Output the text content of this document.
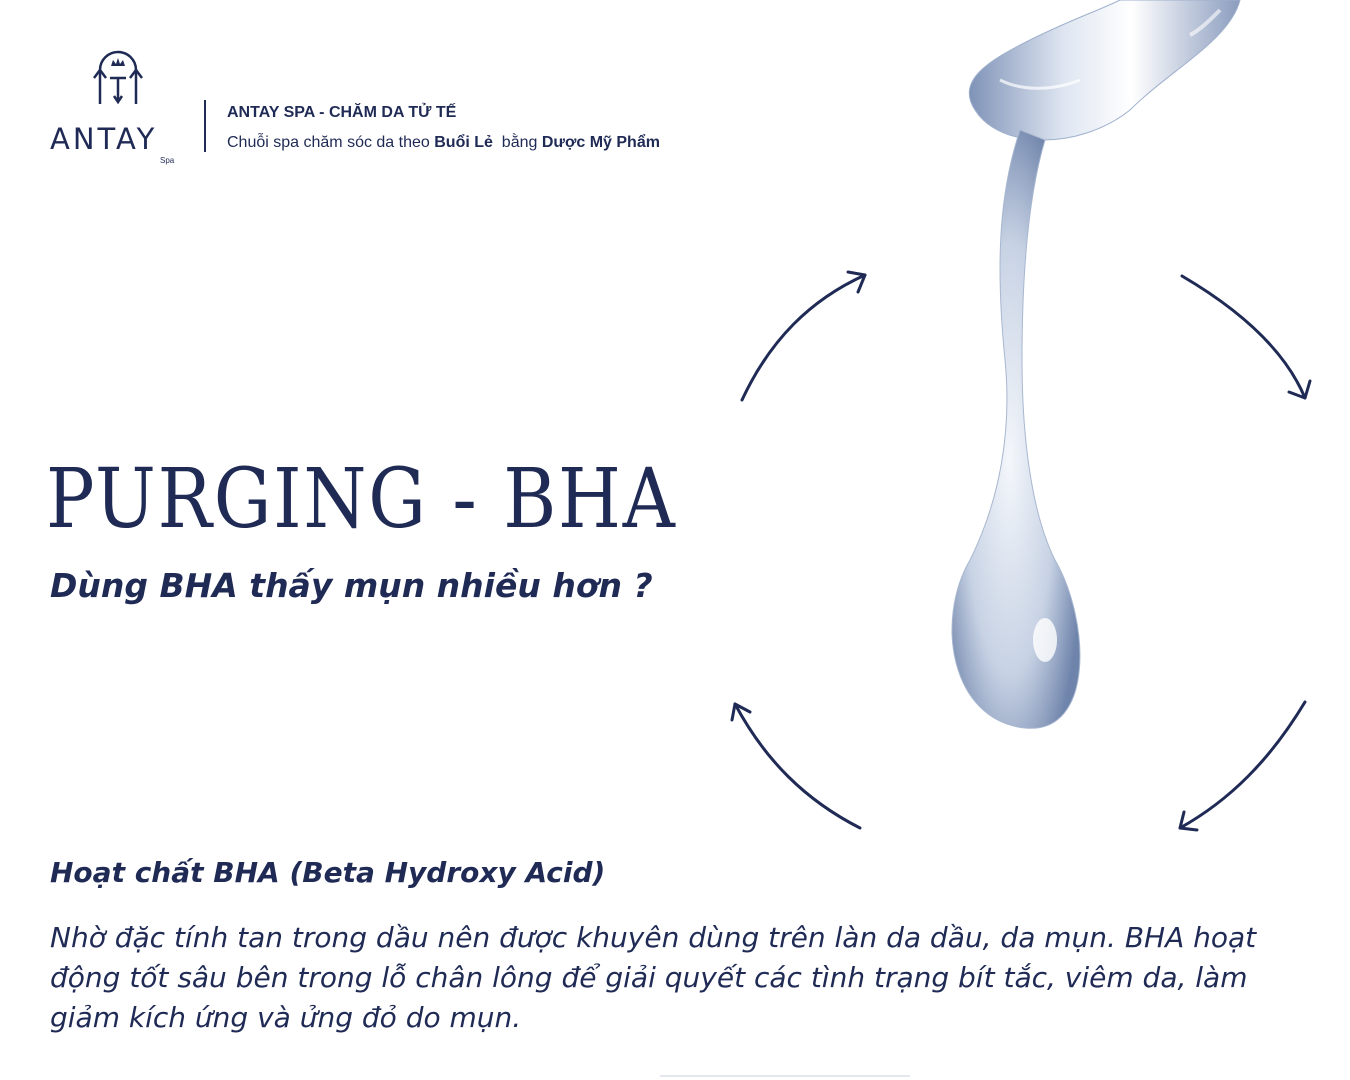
ANTAY
Spa
ANTAY SPA - CHĂM DA TỬ TẾ
Chuỗi spa chăm sóc da theo Buổi Lẻ  bằng Dược Mỹ Phẩm
PURGING - BHA
Dùng BHA thấy mụn nhiều hơn ?
Hoạt chất BHA (Beta Hydroxy Acid)
Nhờ đặc tính tan trong dầu nên được khuyên dùng trên làn da dầu, da mụn. BHA hoạt động tốt sâu bên trong lỗ chân lông để giải quyết các tình trạng bít tắc, viêm da, làm giảm kích ứng và ửng đỏ do mụn.
